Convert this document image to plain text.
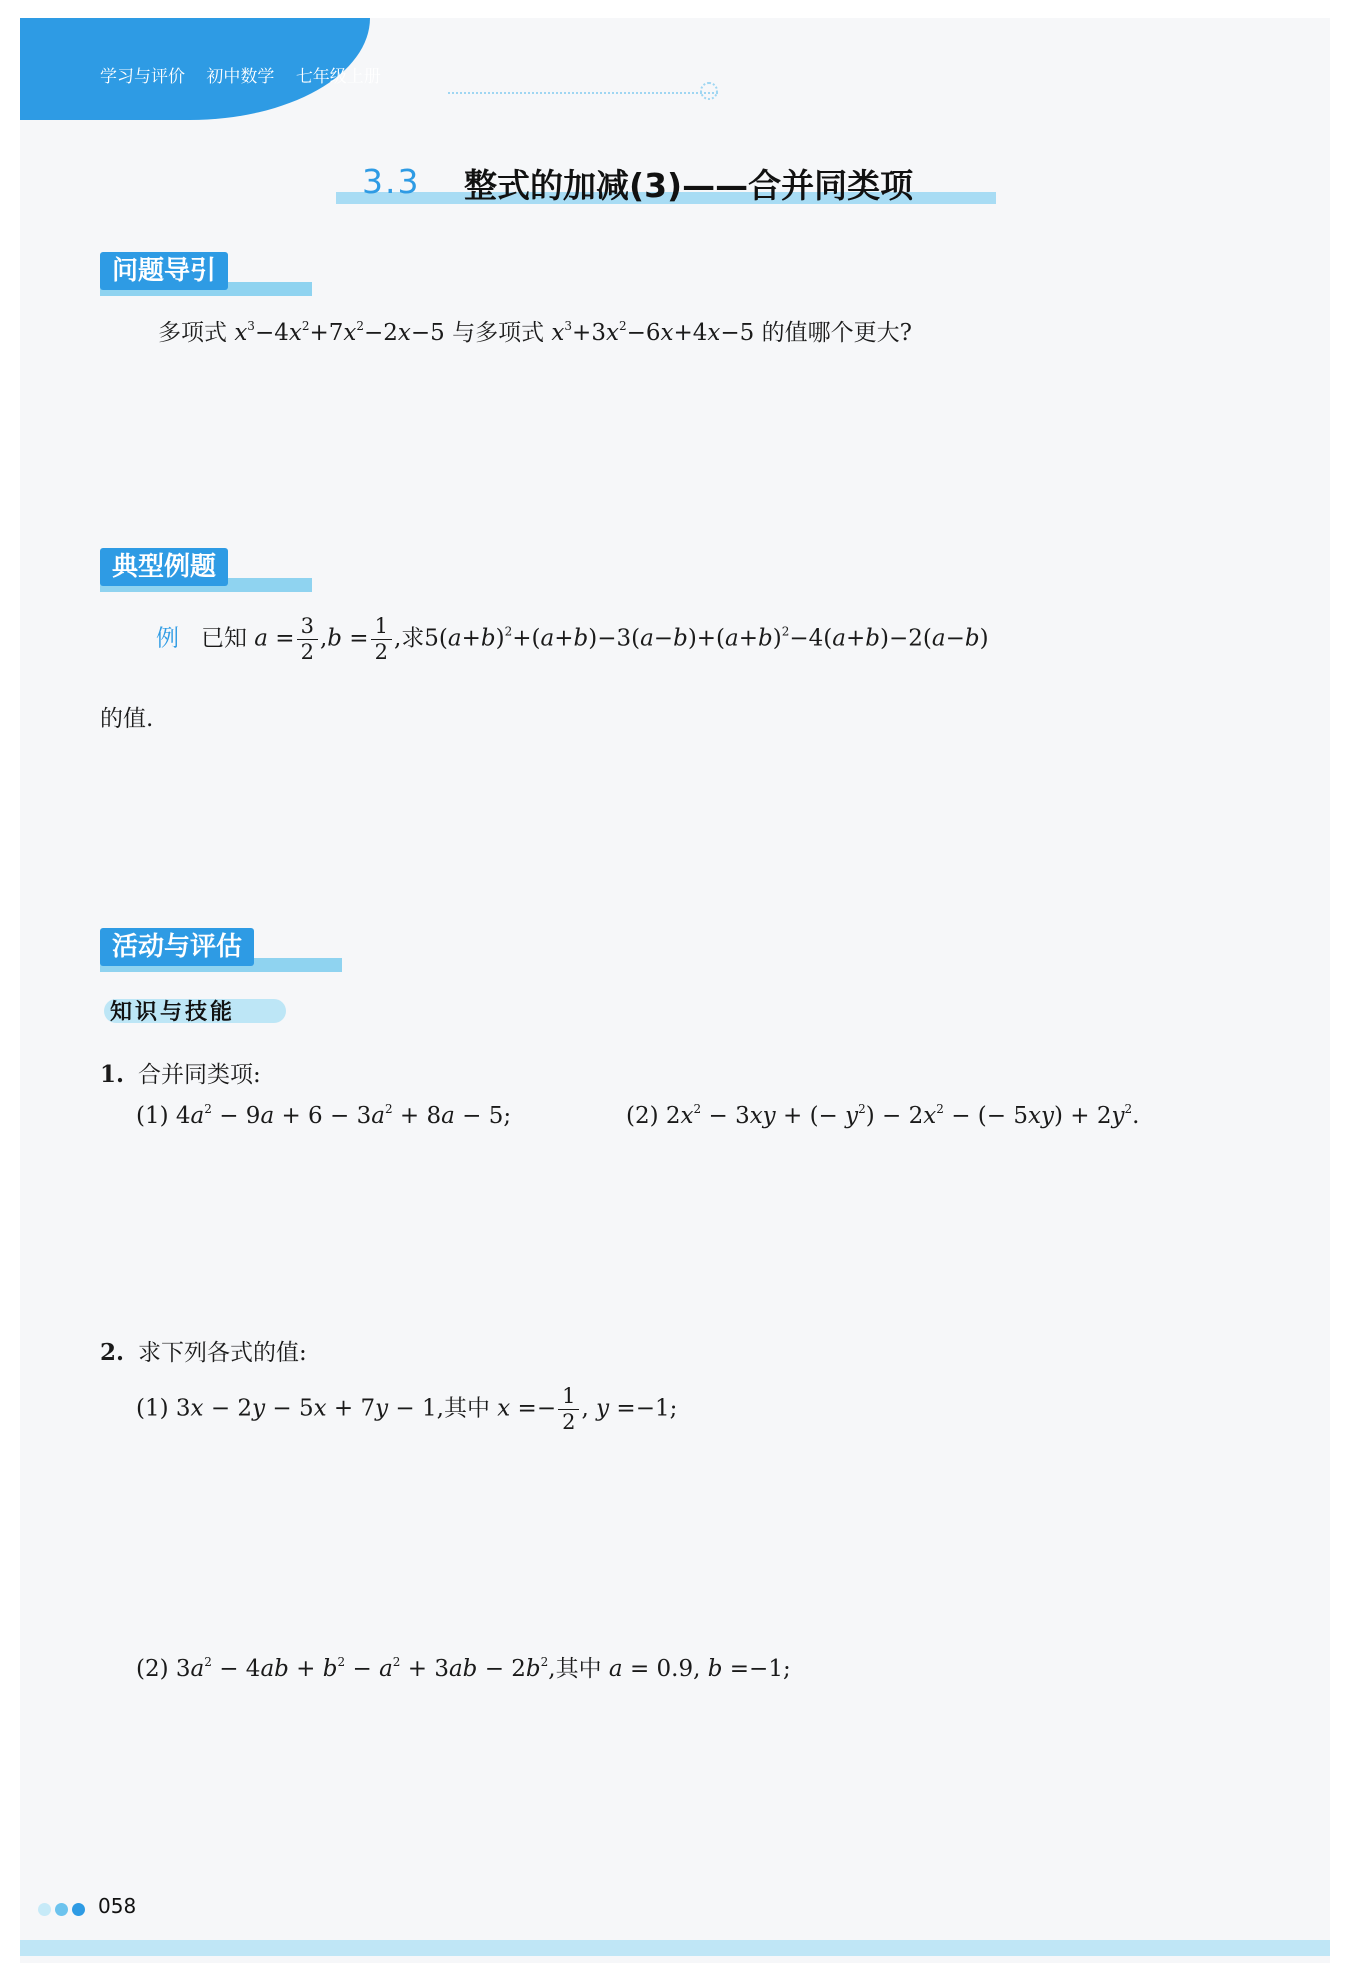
学习与评价 初中数学 七年级上册
3.3 整式的加减(3)——合并同类项
问题导引
多项式 $x^3-4x^2+7x^2-2x-5$ 与多项式 $x^3+3x^2-6x+4x-5$ 的值哪个更大?
典型例题
例 已知 $a = \frac{3}{2} ,b = \frac{1}{2}$ ,求$5(a+b)^2+(a+b)-3(a-b)+(a+b)^2-4(a+b)-2(a-b)$
的值.
活动与评估
知识与技能
1. 合并同类项:
(1) $4a^2 - 9a + 6 - 3a^2 + 8a - 5$;	(2) $2x^2 - 3xy$ + (− $y^2) - 2x^2$ − (− $5xy) + 2y^2$.
2. 求下列各式的值:
(1) 3x − 2y − 5x + 7y − 1,其中 $x =- \frac{1}{2}$ , y =−1;
(2) $3a^2 - 4ab + b^2 - a^2 + 3ab - 2b^2$,其中 a = 0.9, b =−1;
058
